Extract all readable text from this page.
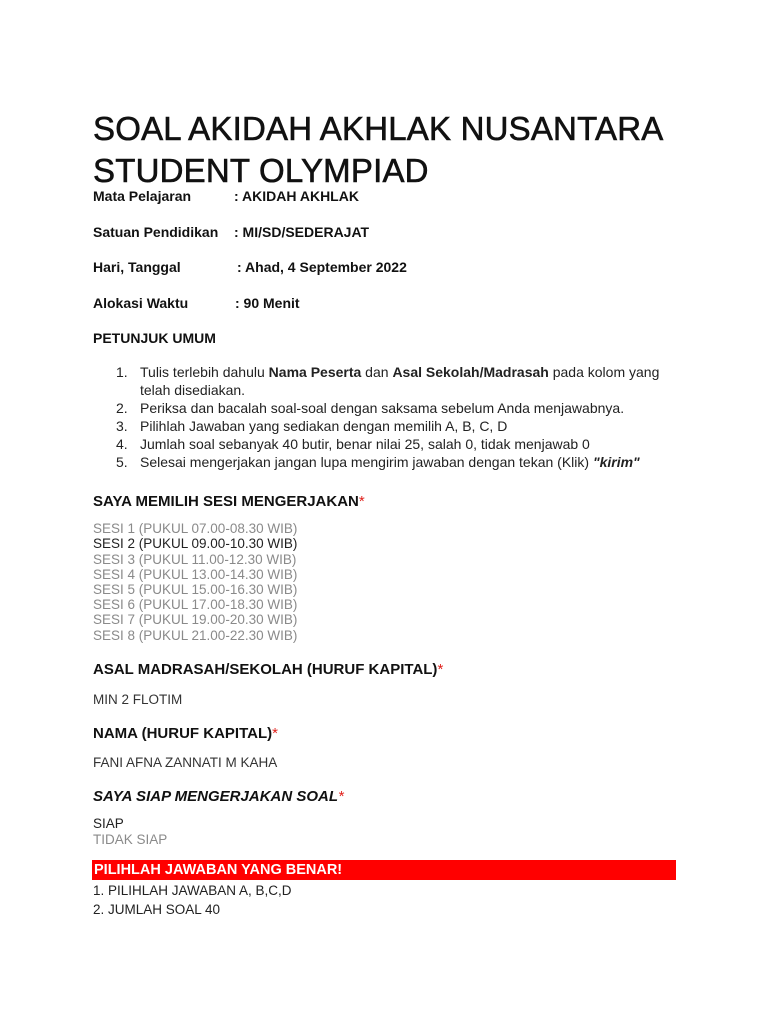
SOAL AKIDAH AKHLAK NUSANTARA
STUDENT OLYMPIAD
Mata Pelajaran	: AKIDAH AKHLAK
Satuan Pendidikan : MI/SD/SEDERAJAT
Hari, Tanggal	: Ahad, 4 September 2022
Alokasi Waktu	: 90 Menit
PETUNJUK UMUM
1. Tulis terlebih dahulu Nama Peserta dan Asal Sekolah/Madrasah pada kolom yang telah disediakan.
2. Periksa dan bacalah soal-soal dengan saksama sebelum Anda menjawabnya.
3. Pilihlah Jawaban yang sediakan dengan memilih A, B, C, D
4. Jumlah soal sebanyak 40 butir, benar nilai 25, salah 0, tidak menjawab 0
5. Selesai mengerjakan jangan lupa mengirim jawaban dengan tekan (Klik) "kirim"
SAYA MEMILIH SESI MENGERJAKAN*
SESI 1 (PUKUL 07.00-08.30 WIB)
SESI 2 (PUKUL 09.00-10.30 WIB)
SESI 3 (PUKUL 11.00-12.30 WIB)
SESI 4 (PUKUL 13.00-14.30 WIB)
SESI 5 (PUKUL 15.00-16.30 WIB)
SESI 6 (PUKUL 17.00-18.30 WIB)
SESI 7 (PUKUL 19.00-20.30 WIB)
SESI 8 (PUKUL 21.00-22.30 WIB)
ASAL MADRASAH/SEKOLAH (HURUF KAPITAL)*
MIN 2 FLOTIM
NAMA (HURUF KAPITAL)*
FANI AFNA ZANNATI M KAHA
SAYA SIAP MENGERJAKAN SOAL*
SIAP
TIDAK SIAP
PILIHLAH JAWABAN YANG BENAR!
1. PILIHLAH JAWABAN A, B,C,D
2. JUMLAH SOAL 40
